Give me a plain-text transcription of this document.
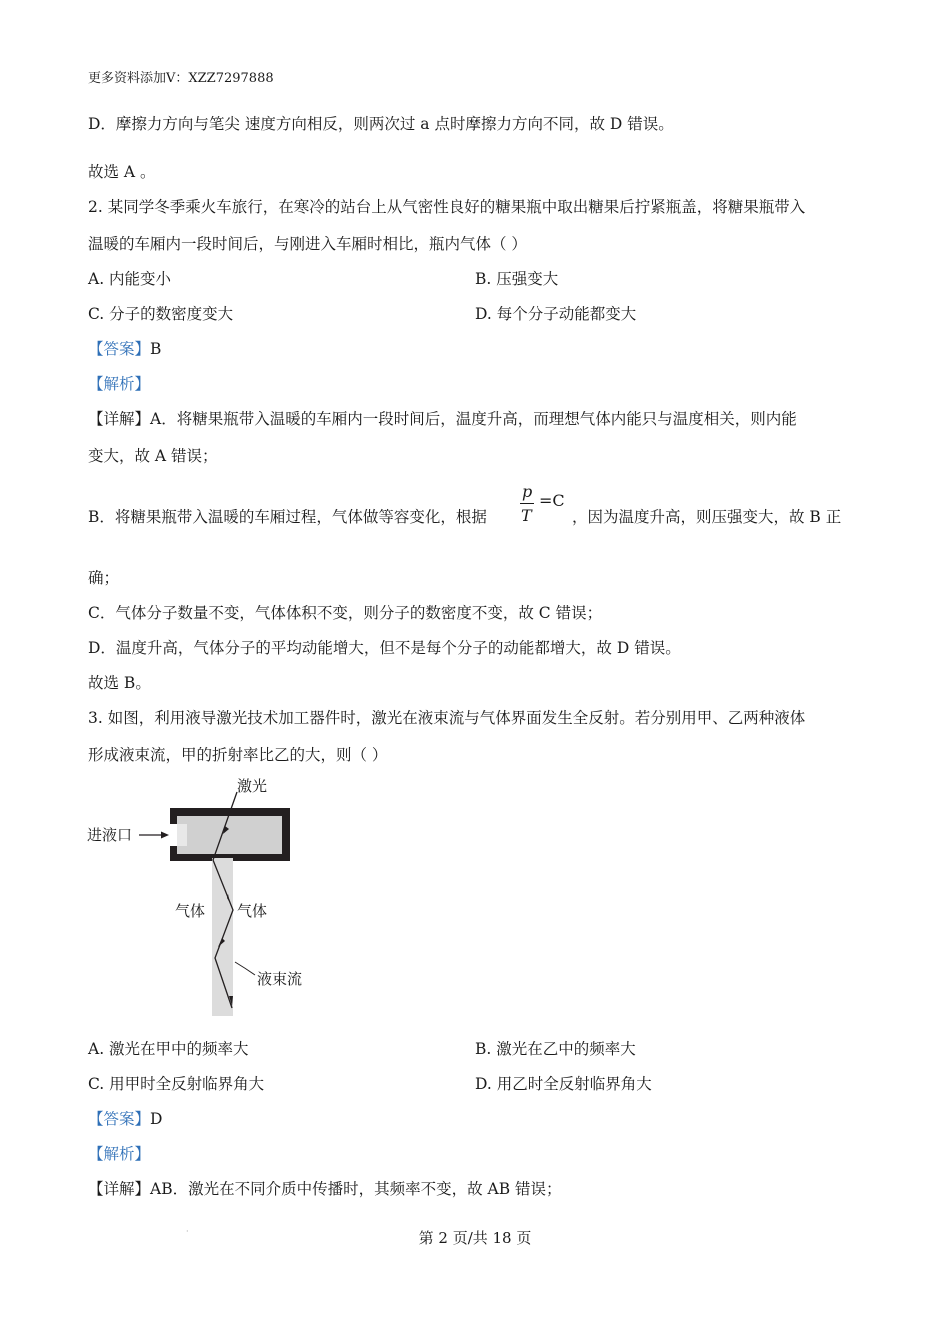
更多资料添加V：XZZ7297888
D．摩擦力方向与笔尖 速度方向相反，则两次过 a 点时摩擦力方向不同，故 D 错误。
故选 A 。
2. 某同学冬季乘火车旅行，在寒冷的站台上从气密性良好的糖果瓶中取出糖果后拧紧瓶盖，将糖果瓶带入
温暖的车厢内一段时间后，与刚进入车厢时相比，瓶内气体（ ）
A. 内能变小	B. 压强变大
C. 分子的数密度变大	D. 每个分子动能都变大
【答案】B
【解析】
【详解】A．将糖果瓶带入温暖的车厢内一段时间后，温度升高，而理想气体内能只与温度相关，则内能
变大，故 A 错误；
B．将糖果瓶带入温暖的车厢过程，气体做等容变化，根据
p
T
=C
，因为温度升高，则压强变大，故 B 正
确；
C．气体分子数量不变，气体体积不变，则分子的数密度不变，故 C 错误；
D．温度升高，气体分子的平均动能增大，但不是每个分子的动能都增大，故 D 错误。
故选 B。
3. 如图，利用液导激光技术加工器件时，激光在液束流与气体界面发生全反射。若分别用甲、乙两种液体
形成液束流，甲的折射率比乙的大，则（ ）
激光
进液口
气体 气体
液束流
A. 激光在甲中的频率大	B. 激光在乙中的频率大
C. 用甲时全反射临界角大	D. 用乙时全反射临界角大
【答案】D
【解析】
【详解】AB．激光在不同介质中传播时，其频率不变，故 AB 错误；
·	第 2 页/共 18 页
